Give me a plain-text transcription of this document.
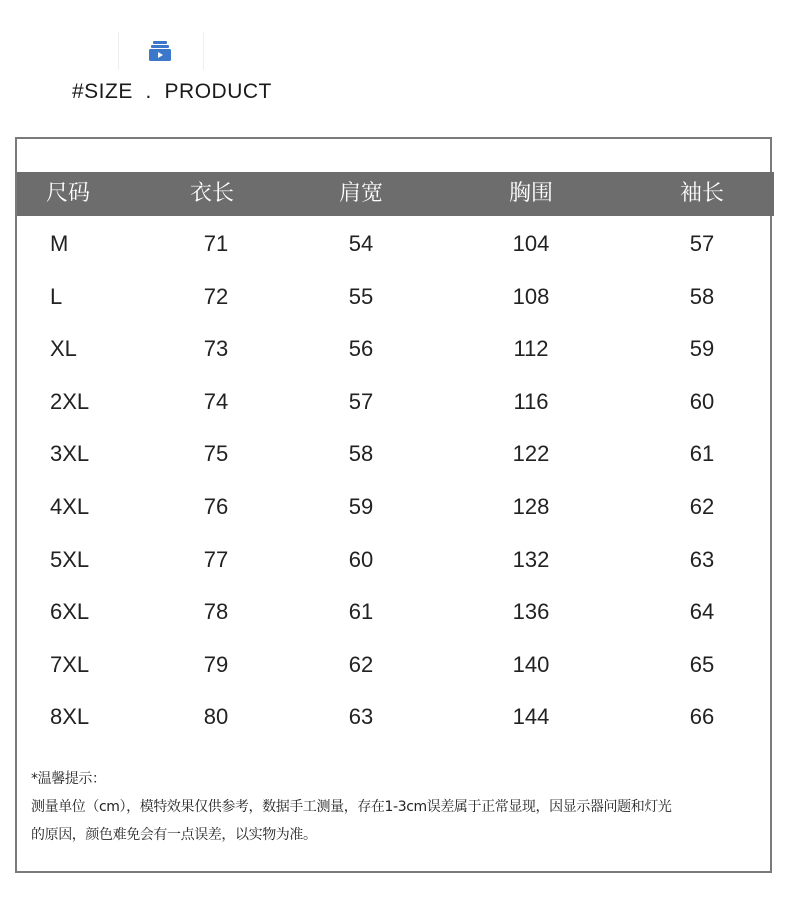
#SIZE  .  PRODUCT
尺码	衣长	肩宽	胸围	袖长
M	71	54	104	57
L	72	55	108	58
XL	73	56	112	59
2XL	74	57	116	60
3XL	75	58	122	61
4XL	76	59	128	62
5XL	77	60	132	63
6XL	78	61	136	64
7XL	79	62	140	65
8XL	80	63	144	66
*温馨提示：
测量单位（cm），模特效果仅供参考，数据手工测量，存在1-3cm误差属于正常显现，因显示器问题和灯光
的原因，颜色难免会有一点误差，以实物为准。
